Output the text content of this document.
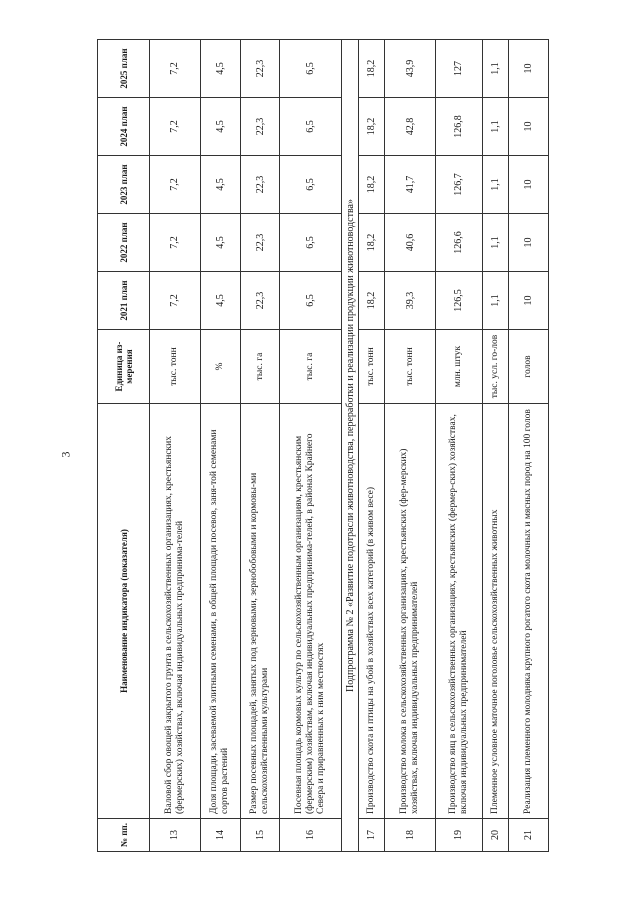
3
№ пп.	Наименование индикатора (показателя)	Единица из-мерения	2021 план	2022 план	2023 план	2024 план	2025 план
13	Валовой сбор овощей закрытого грунта в сельскохозяйственных организациях, крестьянских (фермерских) хозяйствах, включая индивидуальных предпринима-телей	тыс. тонн	7,2	7,2	7,2	7,2	7,2
14	Доля площади, засеваемой элитными семенами, в общей площади посевов, заня-той семенами сортов растений	%	4,5	4,5	4,5	4,5	4,5
15	Размер посевных площадей, занятых под зерновыми, зернобобовыми и кормовы-ми сельскохозяйственными культурами	тыс. га	22,3	22,3	22,3	22,3	22,3
16	Посевная площадь кормовых культур по сельскохозяйственным организациям, крестьянским (фермерским) хозяйствам, включая индивидуальных предпринима-телей, в районах Крайнего Севера и приравненных к ним местностях	тыс. га	6,5	6,5	6,5	6,5	6,5
Подпрограмма № 2 «Развитие подотрасли животноводства, переработки и реализации продукции животноводства»							
17	Производство скота и птицы на убой в хозяйствах всех категорий (в живом весе)	тыс. тонн	18,2	18,2	18,2	18,2	18,2
18	Производство молока в сельскохозяйственных организациях, крестьянских (фер-мерских) хозяйствах, включая индивидуальных предпринимателей	тыс. тонн	39,3	40,6	41,7	42,8	43,9
19	Производство яиц в сельскохозяйственных организациях, крестьянских (фермер-ских) хозяйствах, включая индивидуальных предпринимателей	млн. штук	126,5	126,6	126,7	126,8	127
20	Племенное условное маточное поголовье сельскохозяйственных животных	тыс. усл. го-лов	1,1	1,1	1,1	1,1	1,1
21	Реализация племенного молодняка крупного рогатого скота молочных и мясных пород на 100 голов	голов	10	10	10	10	10
